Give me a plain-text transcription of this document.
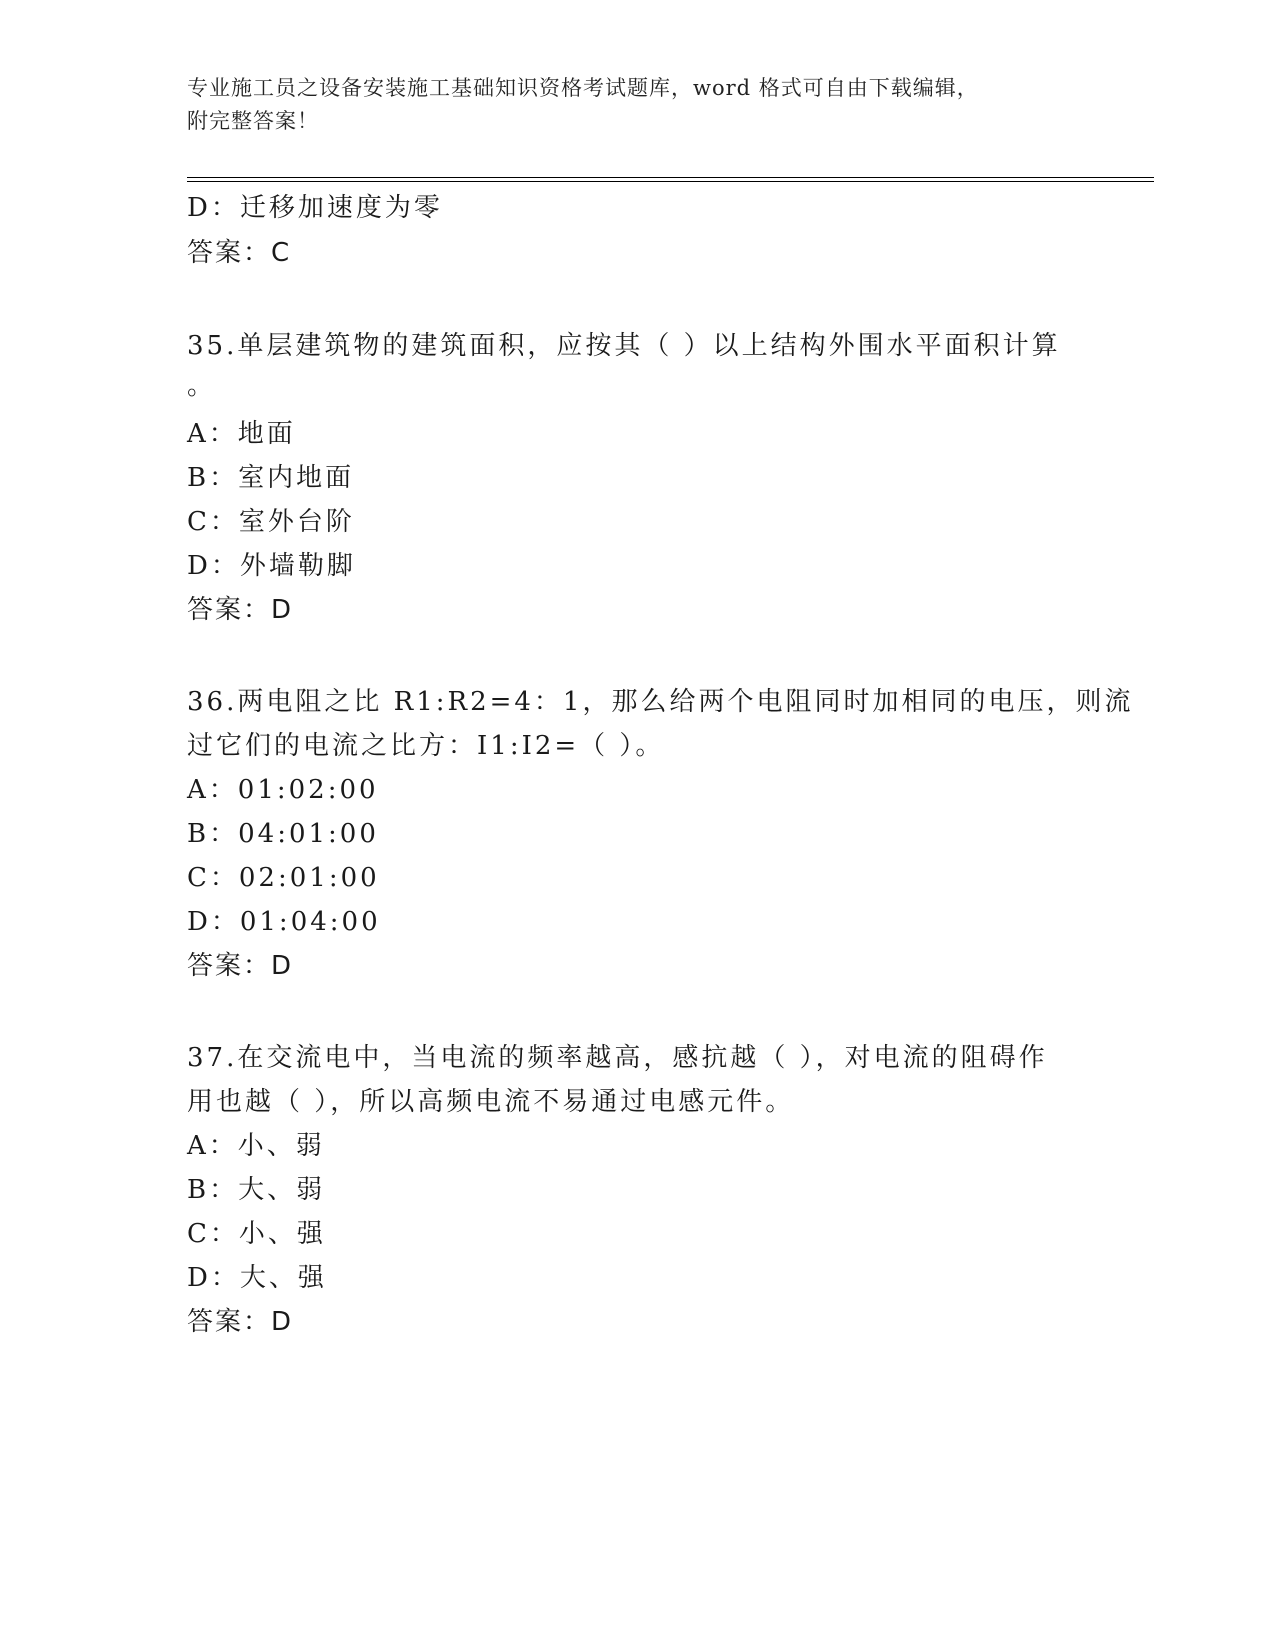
专业施工员之设备安装施工基础知识资格考试题库，word 格式可自由下载编辑，
附完整答案！
D：迁移加速度为零
答案：C
35.单层建筑物的建筑面积，应按其（ ）以上结构外围水平面积计算
。
A：地面
B：室内地面
C：室外台阶
D：外墙勒脚
答案：D
36.两电阻之比 R1:R2=4：1，那么给两个电阻同时加相同的电压，则流
过它们的电流之比方：I1:I2=（ ）。
A：01:02:00
B：04:01:00
C：02:01:00
D：01:04:00
答案：D
37.在交流电中，当电流的频率越高，感抗越（ ），对电流的阻碍作
用也越（ ），所以高频电流不易通过电感元件。
A：小、弱
B：大、弱
C：小、强
D：大、强
答案：D
